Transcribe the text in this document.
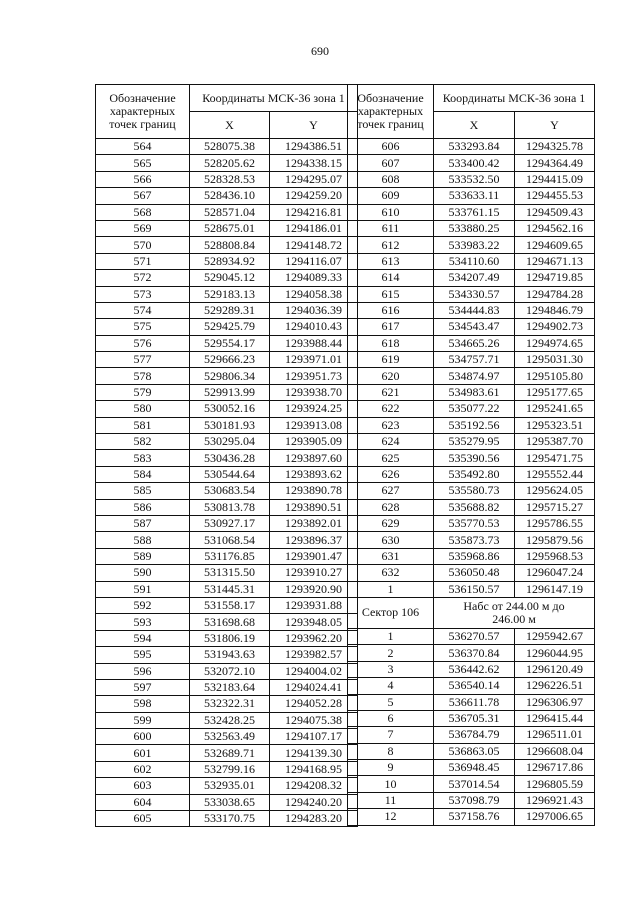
690
Обозначение характерных точек границ	Координаты МСК-36 зона 1	
	X	Y
564	528075.38	1294386.51
565	528205.62	1294338.15
566	528328.53	1294295.07
567	528436.10	1294259.20
568	528571.04	1294216.81
569	528675.01	1294186.01
570	528808.84	1294148.72
571	528934.92	1294116.07
572	529045.12	1294089.33
573	529183.13	1294058.38
574	529289.31	1294036.39
575	529425.79	1294010.43
576	529554.17	1293988.44
577	529666.23	1293971.01
578	529806.34	1293951.73
579	529913.99	1293938.70
580	530052.16	1293924.25
581	530181.93	1293913.08
582	530295.04	1293905.09
583	530436.28	1293897.60
584	530544.64	1293893.62
585	530683.54	1293890.78
586	530813.78	1293890.51
587	530927.17	1293892.01
588	531068.54	1293896.37
589	531176.85	1293901.47
590	531315.50	1293910.27
591	531445.31	1293920.90
592	531558.17	1293931.88
593	531698.68	1293948.05
594	531806.19	1293962.20
595	531943.63	1293982.57
596	532072.10	1294004.02
597	532183.64	1294024.41
598	532322.31	1294052.28
599	532428.25	1294075.38
600	532563.49	1294107.17
601	532689.71	1294139.30
602	532799.16	1294168.95
603	532935.01	1294208.32
604	533038.65	1294240.20
605	533170.75	1294283.20
Обозначение характерных точек границ	Координаты МСК-36 зона 1	
	X	Y
606	533293.84	1294325.78
607	533400.42	1294364.49
608	533532.50	1294415.09
609	533633.11	1294455.53
610	533761.15	1294509.43
611	533880.25	1294562.16
612	533983.22	1294609.65
613	534110.60	1294671.13
614	534207.49	1294719.85
615	534330.57	1294784.28
616	534444.83	1294846.79
617	534543.47	1294902.73
618	534665.26	1294974.65
619	534757.71	1295031.30
620	534874.97	1295105.80
621	534983.61	1295177.65
622	535077.22	1295241.65
623	535192.56	1295323.51
624	535279.95	1295387.70
625	535390.56	1295471.75
626	535492.80	1295552.44
627	535580.73	1295624.05
628	535688.82	1295715.27
629	535770.53	1295786.55
630	535873.73	1295879.56
631	535968.86	1295968.53
632	536050.48	1296047.24
1	536150.57	1296147.19
Сектор 106	Набс от 244.00 м до 246.00 м	
1	536270.57	1295942.67
2	536370.84	1296044.95
3	536442.62	1296120.49
4	536540.14	1296226.51
5	536611.78	1296306.97
6	536705.31	1296415.44
7	536784.79	1296511.01
8	536863.05	1296608.04
9	536948.45	1296717.86
10	537014.54	1296805.59
11	537098.79	1296921.43
12	537158.76	1297006.65
